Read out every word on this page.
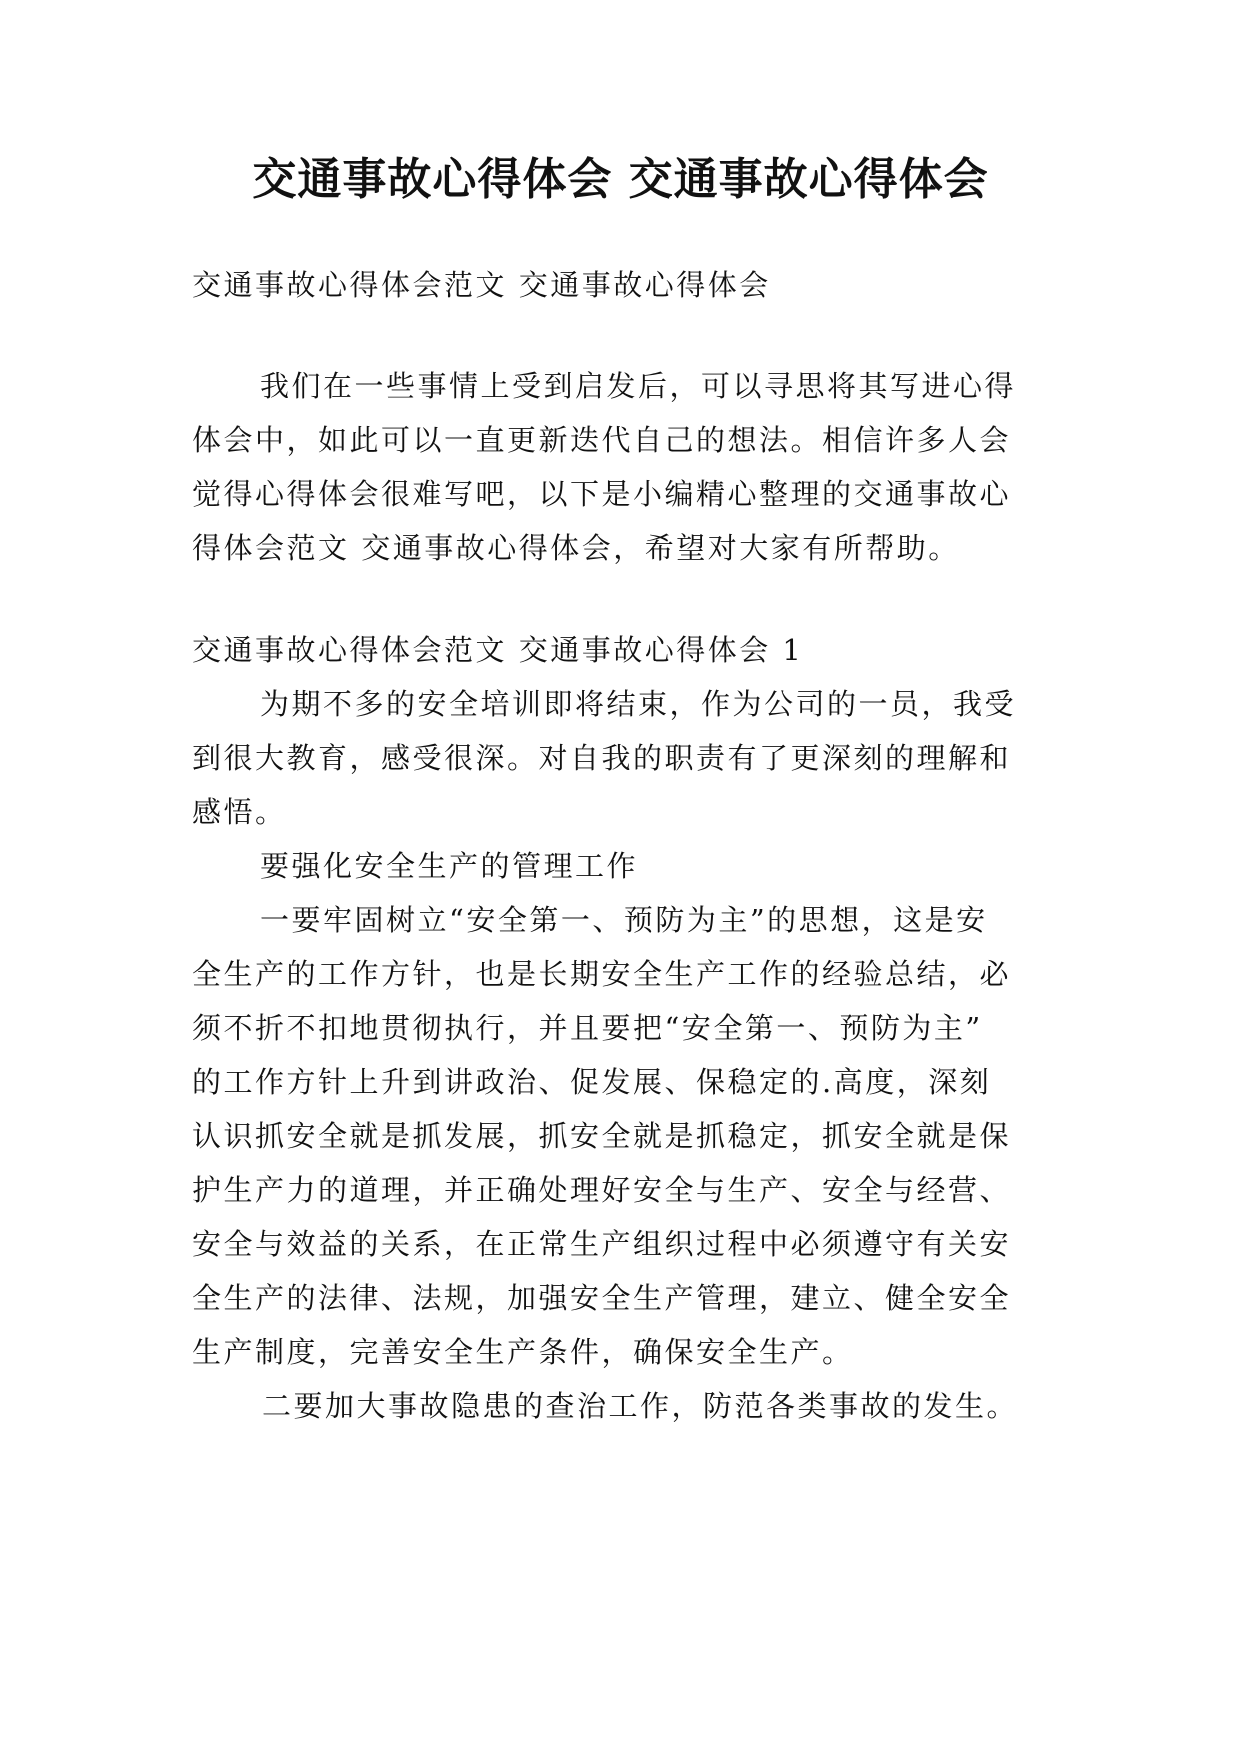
交通事故心得体会 交通事故心得体会

交通事故心得体会范文 交通事故心得体会

我们在一些事情上受到启发后，可以寻思将其写进心得

体会中，如此可以一直更新迭代自己的想法。相信许多人会

觉得心得体会很难写吧，以下是小编精心整理的交通事故心

得体会范文 交通事故心得体会，希望对大家有所帮助。

交通事故心得体会范文 交通事故心得体会 1

为期不多的安全培训即将结束，作为公司的一员，我受

到很大教育，感受很深。对自我的职责有了更深刻的理解和

感悟。

要强化安全生产的管理工作

一要牢固树立“安全第一、预防为主”的思想，这是安

全生产的工作方针，也是长期安全生产工作的经验总结，必

须不折不扣地贯彻执行，并且要把“安全第一、预防为主”

的工作方针上升到讲政治、促发展、保稳定的.高度，深刻

认识抓安全就是抓发展，抓安全就是抓稳定，抓安全就是保

护生产力的道理，并正确处理好安全与生产、安全与经营、

安全与效益的关系，在正常生产组织过程中必须遵守有关安

全生产的法律、法规，加强安全生产管理，建立、健全安全

生产制度，完善安全生产条件，确保安全生产。

二要加大事故隐患的查治工作，防范各类事故的发生。
